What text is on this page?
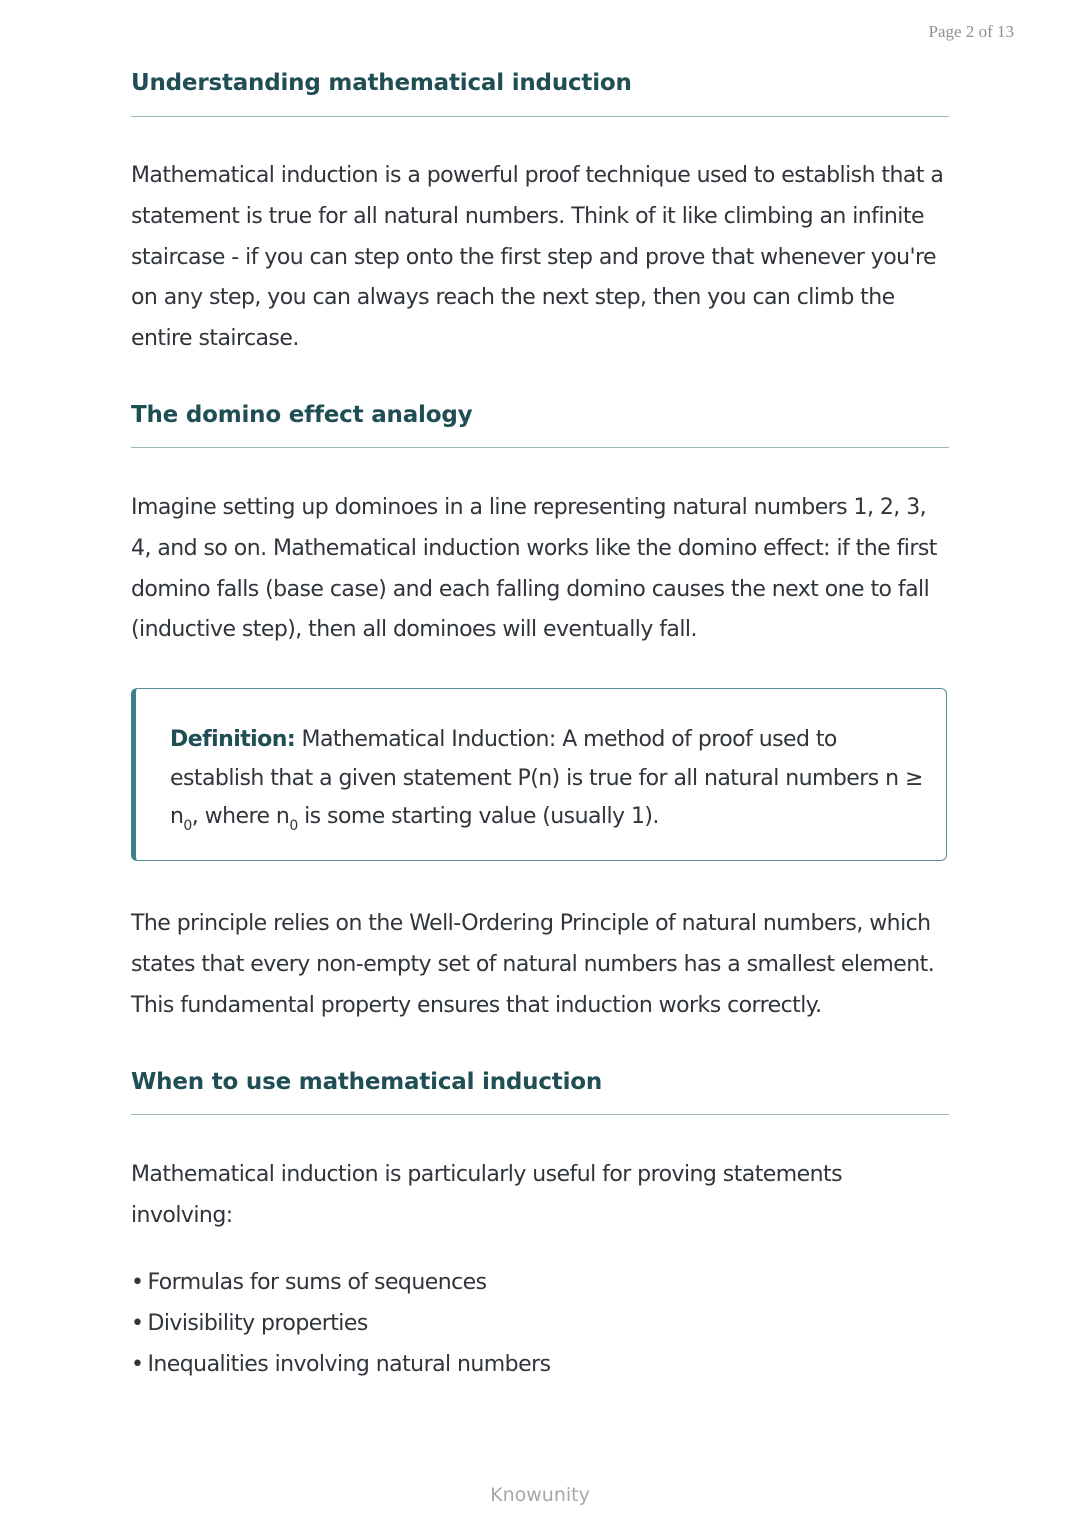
Page 2 of 13
Understanding mathematical induction
Mathematical induction is a powerful proof technique used to establish that a statement is true for all natural numbers. Think of it like climbing an infinite staircase - if you can step onto the first step and prove that whenever you're on any step, you can always reach the next step, then you can climb the entire staircase.
The domino effect analogy
Imagine setting up dominoes in a line representing natural numbers 1, 2, 3, 4, and so on. Mathematical induction works like the domino effect: if the first domino falls (base case) and each falling domino causes the next one to fall (inductive step), then all dominoes will eventually fall.
Definition: Mathematical Induction: A method of proof used to establish that a given statement P(n) is true for all natural numbers $n \ge n_0$, where $n_0$ is some starting value (usually 1).
The principle relies on the Well-Ordering Principle of natural numbers, which states that every non-empty set of natural numbers has a smallest element. This fundamental property ensures that induction works correctly.
When to use mathematical induction
Mathematical induction is particularly useful for proving statements involving:
• Formulas for sums of sequences
• Divisibility properties
• Inequalities involving natural numbers
Knowunity
